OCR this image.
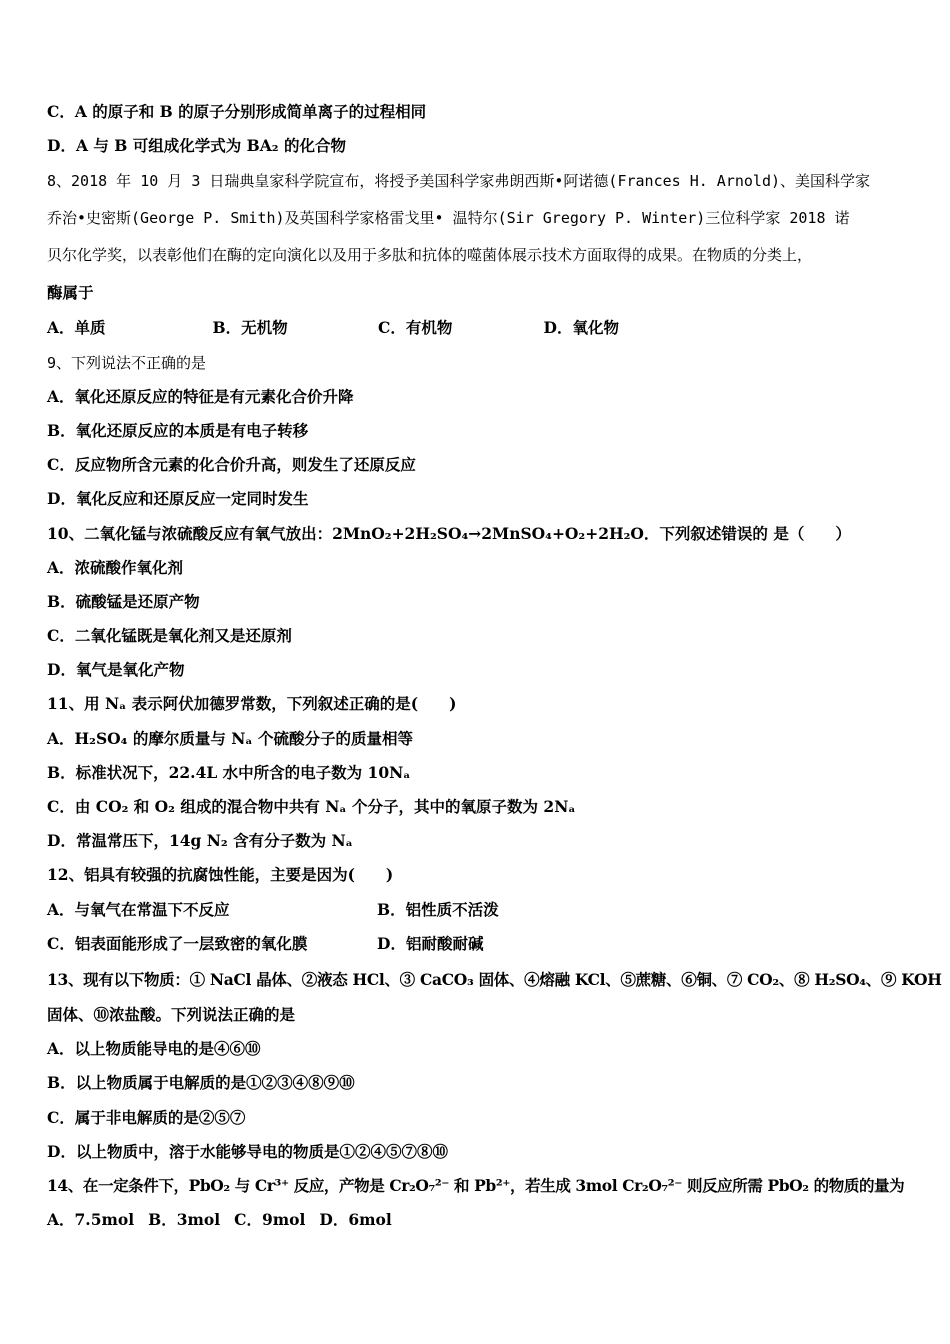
C．A 的原子和 B 的原子分别形成简单离子的过程相同
D．A 与 B 可组成化学式为 BA₂ 的化合物
8、2018 年 10 月 3 日瑞典皇家科学院宣布，将授予美国科学家弗朗西斯•阿诺德(Frances H. Arnold)、美国科学家
乔治•史密斯(George P. Smith)及英国科学家格雷戈里• 温特尔(Sir Gregory P. Winter)三位科学家 2018 诺
贝尔化学奖，以表彰他们在酶的定向演化以及用于多肽和抗体的噬菌体展示技术方面取得的成果。在物质的分类上，
酶属于
A．单质	B．无机物	C．有机物	D．氧化物
9、下列说法不正确的是
A．氧化还原反应的特征是有元素化合价升降
B．氧化还原反应的本质是有电子转移
C．反应物所含元素的化合价升高，则发生了还原反应
D．氧化反应和还原反应一定同时发生
10、二氧化锰与浓硫酸反应有氧气放出：2MnO₂+2H₂SO₄→2MnSO₄+O₂+2H₂O．下列叙述错误的 是（　　）
A．浓硫酸作氧化剂
B．硫酸锰是还原产物
C．二氧化锰既是氧化剂又是还原剂
D．氧气是氧化产物
11、用 Nₐ 表示阿伏加德罗常数，下列叙述正确的是(　　)
A．H₂SO₄ 的摩尔质量与 Nₐ 个硫酸分子的质量相等
B．标准状况下，22.4L 水中所含的电子数为 10Nₐ
C．由 CO₂ 和 O₂ 组成的混合物中共有 Nₐ 个分子，其中的氧原子数为 2Nₐ
D．常温常压下，14g N₂ 含有分子数为 Nₐ
12、铝具有较强的抗腐蚀性能，主要是因为(　　)
A．与氧气在常温下不反应	B．铝性质不活泼
C．铝表面能形成了一层致密的氧化膜	D．铝耐酸耐碱
13、现有以下物质：① NaCl 晶体、②液态 HCl、③ CaCO₃ 固体、④熔融 KCl、⑤蔗糖、⑥铜、⑦ CO₂、⑧ H₂SO₄、⑨ KOH
固体、⑩浓盐酸。下列说法正确的是
A．以上物质能导电的是④⑥⑩
B．以上物质属于电解质的是①②③④⑧⑨⑩
C．属于非电解质的是②⑤⑦
D．以上物质中，溶于水能够导电的物质是①②④⑤⑦⑧⑩
14、在一定条件下，PbO₂ 与 Cr³⁺ 反应，产物是 Cr₂O₇²⁻ 和 Pb²⁺，若生成 3mol Cr₂O₇²⁻ 则反应所需 PbO₂ 的物质的量为
A．7.5mol B．3mol C．9mol D．6mol
